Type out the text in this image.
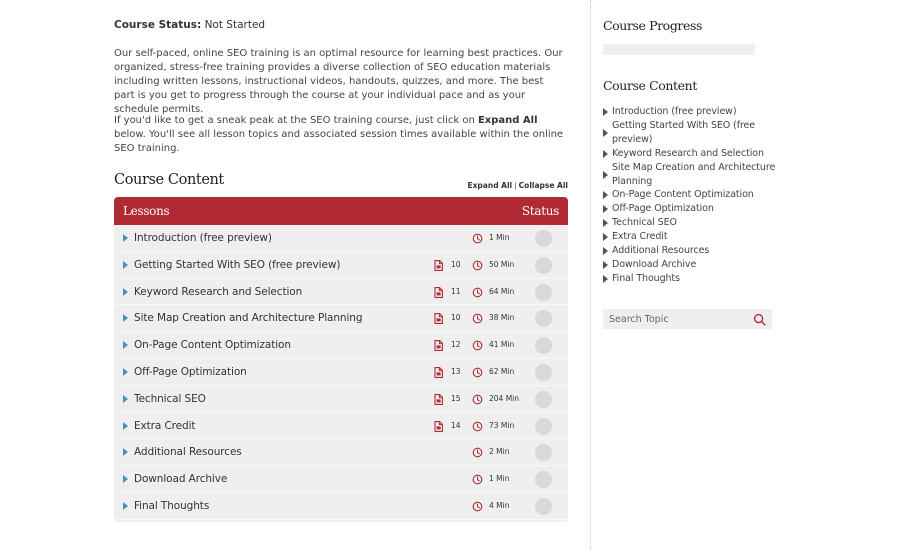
Course Status: Not Started

Our self-paced, online SEO training is an optimal resource for learning best practices. Our organized, stress-free training provides a diverse collection of SEO education materials including written lessons, instructional videos, handouts, quizzes, and more. The best part is you get to progress through the course at your individual pace and as your schedule permits.

If you'd like to get a sneak peak at the SEO training course, just click on Expand All below. You'll see all lesson topics and associated session times available within the online SEO training.

Course Content	Expand All | Collapse All
Lessons	Status
Introduction (free preview)	1 Min
Getting Started With SEO (free preview)	10	50 Min
Keyword Research and Selection	11	64 Min
Site Map Creation and Architecture Planning	10	38 Min
On-Page Content Optimization	12	41 Min
Off-Page Optimization	13	62 Min
Technical SEO	15	204 Min
Extra Credit	14	73 Min
Additional Resources	2 Min
Download Archive	1 Min
Final Thoughts	4 Min
Course Progress
Course Content
Introduction (free preview)
Getting Started With SEO (free preview)
Keyword Research and Selection
Site Map Creation and Architecture Planning
On-Page Content Optimization
Off-Page Optimization
Technical SEO
Extra Credit
Additional Resources
Download Archive
Final Thoughts
Search Topic
